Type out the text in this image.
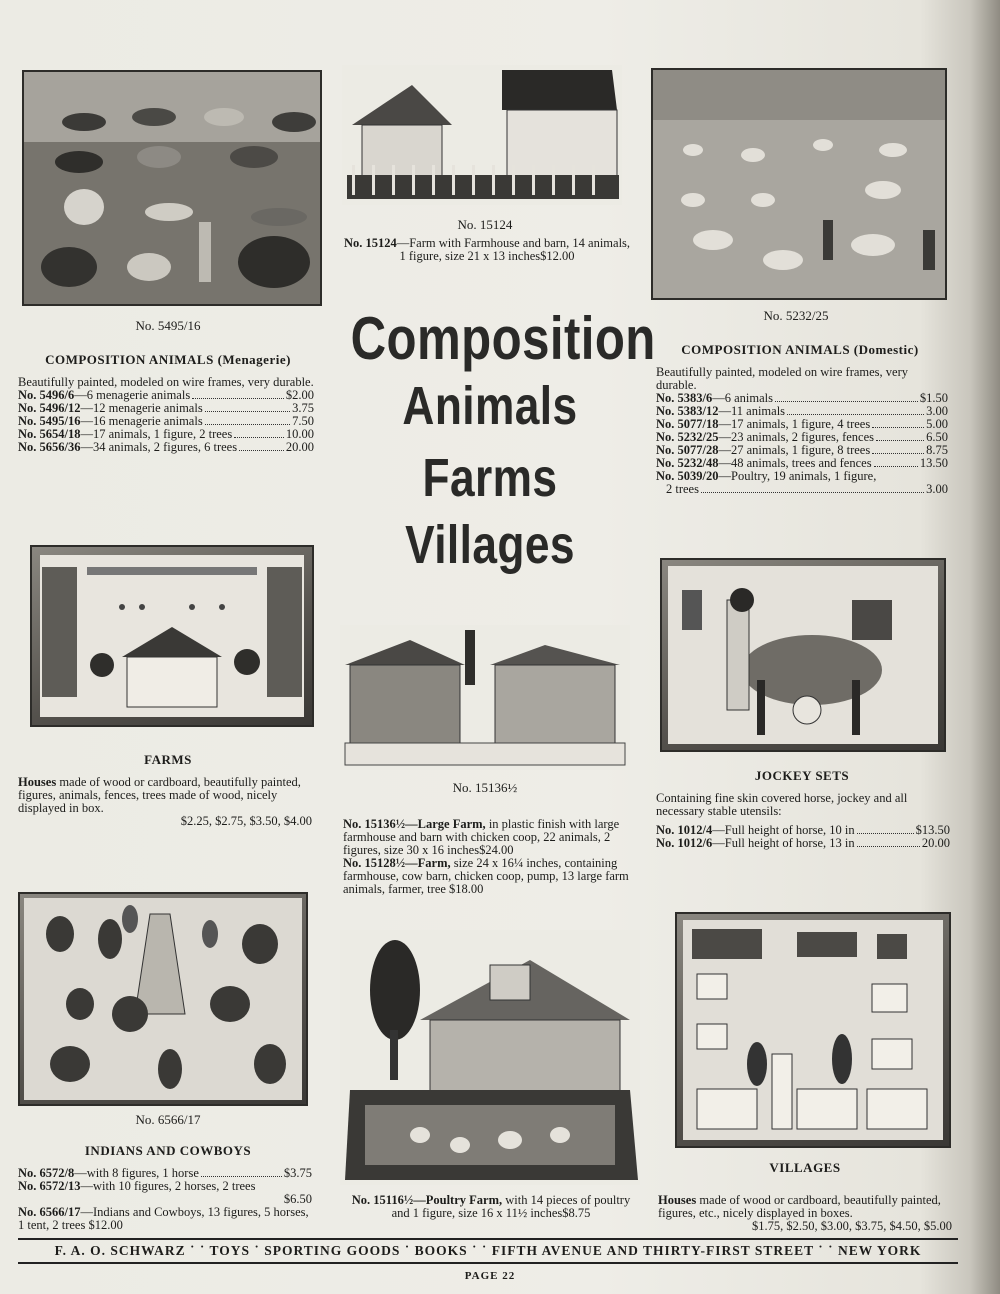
Composition
Animals
Farms
Villages
No. 5495/16
COMPOSITION ANIMALS (Menagerie)
Beautifully painted, modeled on wire frames, very durable.
No. 5496/6—6 menagerie animals	$2.00
No. 5496/12—12 menagerie animals	3.75
No. 5495/16—16 menagerie animals	7.50
No. 5654/18—17 animals, 1 figure, 2 trees	10.00
No. 5656/36—34 animals, 2 figures, 6 trees	20.00
No. 15124
No. 15124—Farm with Farmhouse and barn, 14 animals, 1 figure, size 21 x 13 inches$12.00
No. 5232/25
COMPOSITION ANIMALS (Domestic)
Beautifully painted, modeled on wire frames, very durable.
No. 5383/6—6 animals	$1.50
No. 5383/12—11 animals	3.00
No. 5077/18—17 animals, 1 figure, 4 trees	5.00
No. 5232/25—23 animals, 2 figures, fences	6.50
No. 5077/28—27 animals, 1 figure, 8 trees	8.75
No. 5232/48—48 animals, trees and fences	13.50
No. 5039/20—Poultry, 19 animals, 1 figure,
2 trees	3.00
FARMS
Houses made of wood or cardboard, beautifully painted, figures, animals, fences, trees made of wood, nicely displayed in box.
$2.25, $2.75, $3.50, $4.00
No. 15136½
No. 15136½—Large Farm, in plastic finish with large farmhouse and barn with chicken coop, 22 animals, 2 figures, size 30 x 16 inches$24.00
No. 15128½—Farm, size 24 x 16¼ inches, containing farmhouse, cow barn, chicken coop, pump, 13 large farm animals, farmer, tree $18.00
JOCKEY SETS
Containing fine skin covered horse, jockey and all necessary stable utensils:
No. 1012/4—Full height of horse, 10 in	$13.50
No. 1012/6—Full height of horse, 13 in	20.00
No. 6566/17
INDIANS AND COWBOYS
No. 6572/8—with 8 figures, 1 horse	$3.75
No. 6572/13—with 10 figures, 2 horses, 2 trees
$6.50
No. 6566/17—Indians and Cowboys, 13 figures, 5 horses, 1 tent, 2 trees $12.00
No. 15116½—Poultry Farm, with 14 pieces of poultry and 1 figure, size 16 x 11½ inches$8.75
VILLAGES
Houses made of wood or cardboard, beautifully painted, figures, etc., nicely displayed in boxes.
$1.75, $2.50, $3.00, $3.75, $4.50, $5.00
F. A. O. SCHWARZ ˙ ˙ TOYS ˙ SPORTING GOODS ˙ BOOKS ˙ ˙ FIFTH AVENUE AND THIRTY-FIRST STREET ˙ ˙ NEW YORK
PAGE 22
